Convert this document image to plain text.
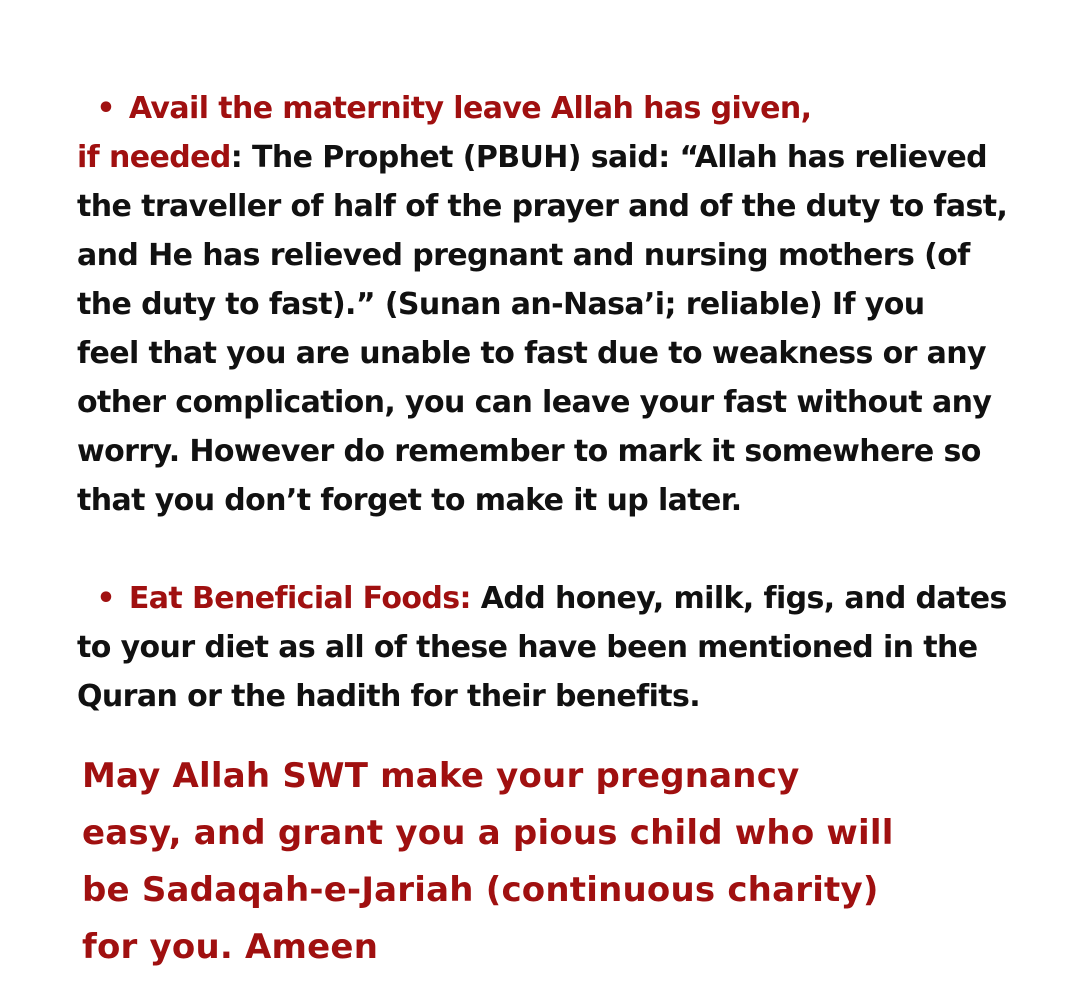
• Avail the maternity leave Allah has given,
if needed: The Prophet (PBUH) said: “Allah has relieved
the traveller of half of the prayer and of the duty to fast,
and He has relieved pregnant and nursing mothers (of
the duty to fast).” (Sunan an-Nasa’i; reliable) If you
feel that you are unable to fast due to weakness or any
other complication, you can leave your fast without any
worry. However do remember to mark it somewhere so
that you don’t forget to make it up later.
• Eat Beneficial Foods: Add honey, milk, figs, and dates
to your diet as all of these have been mentioned in the
Quran or the hadith for their benefits.
May Allah SWT make your pregnancy
easy, and grant you a pious child who will
be Sadaqah-e-Jariah (continuous charity)
for you. Ameen
